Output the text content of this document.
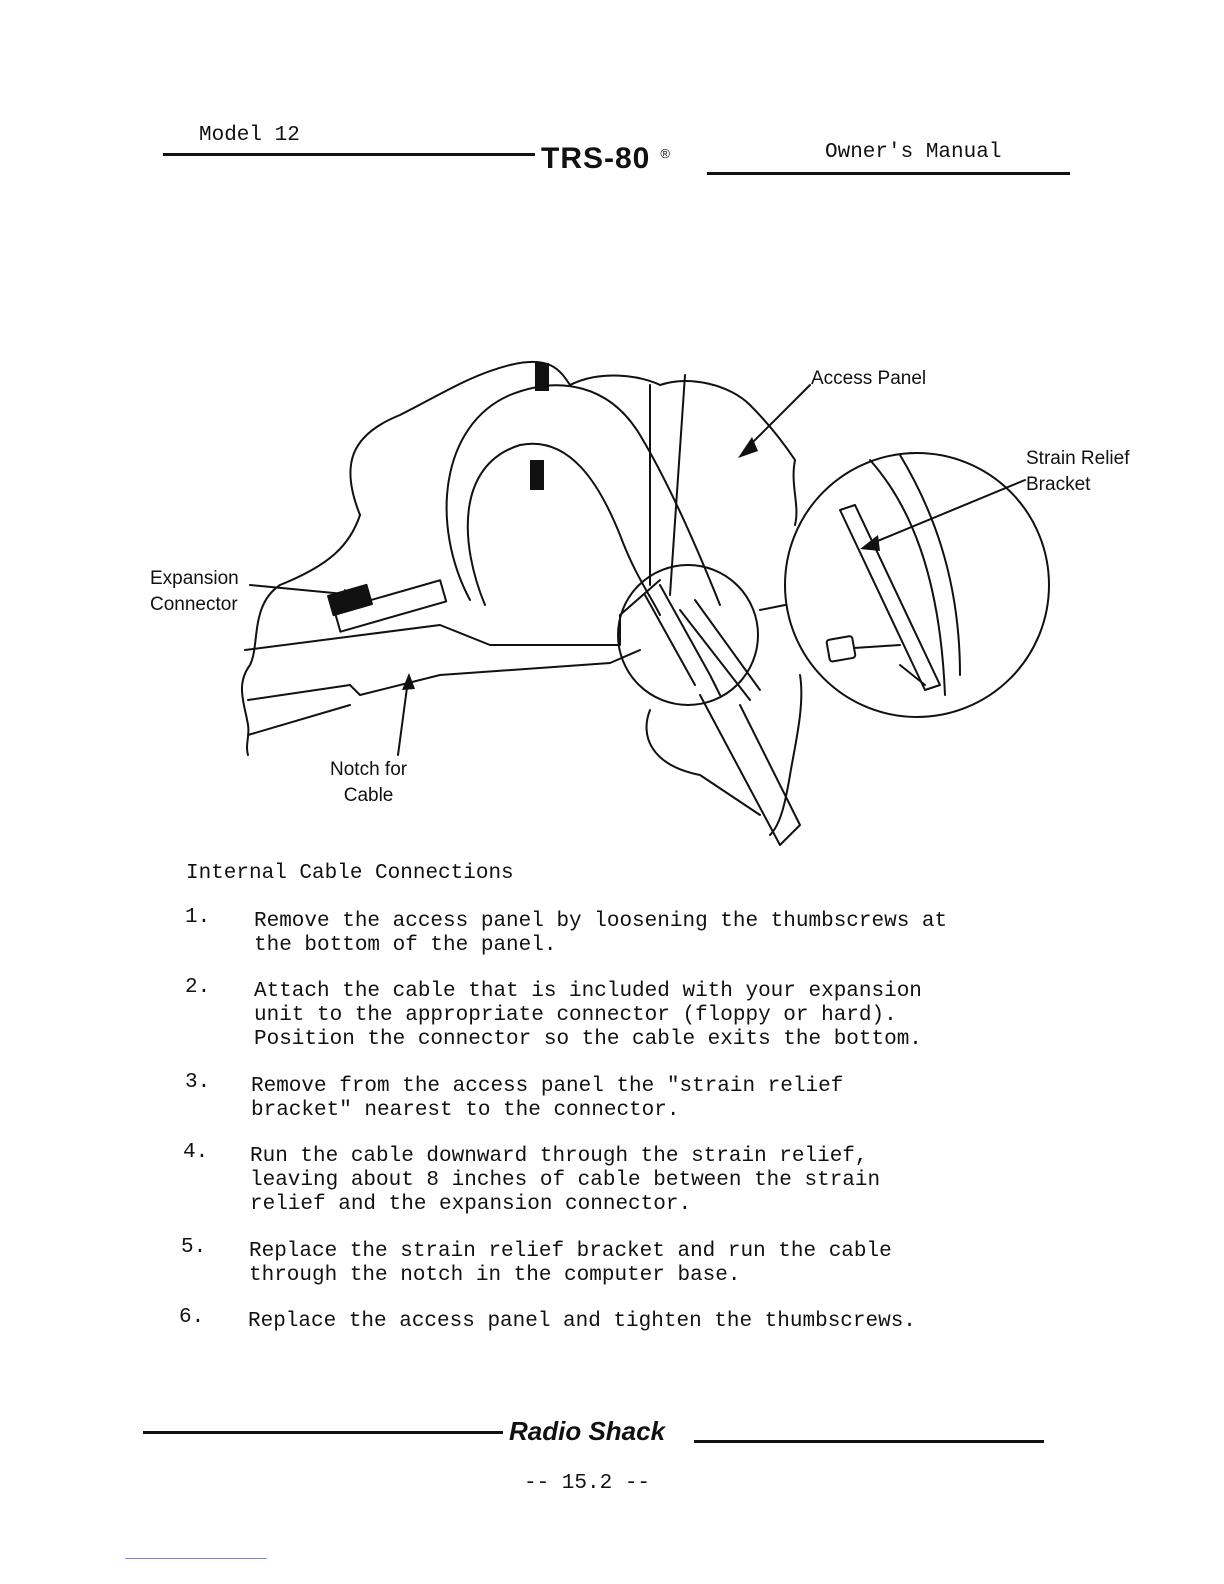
Model 12
TRS-80 ®	Owner's Manual
Access Panel
Strain Relief
Bracket
Expansion
Connector
Notch for
Cable
Internal Cable Connections
1. Remove the access panel by loosening the thumbscrews at
the bottom of the panel.
2. Attach the cable that is included with your expansion
unit to the appropriate connector (floppy or hard).
Position the connector so the cable exits the bottom.
3. Remove from the access panel the "strain relief
bracket" nearest to the connector.
4. Run the cable downward through the strain relief,
leaving about 8 inches of cable between the strain
relief and the expansion connector.
5. Replace the strain relief bracket and run the cable
through the notch in the computer base.
6. Replace the access panel and tighten the thumbscrews.
Radio Shack
-- 15.2 --
